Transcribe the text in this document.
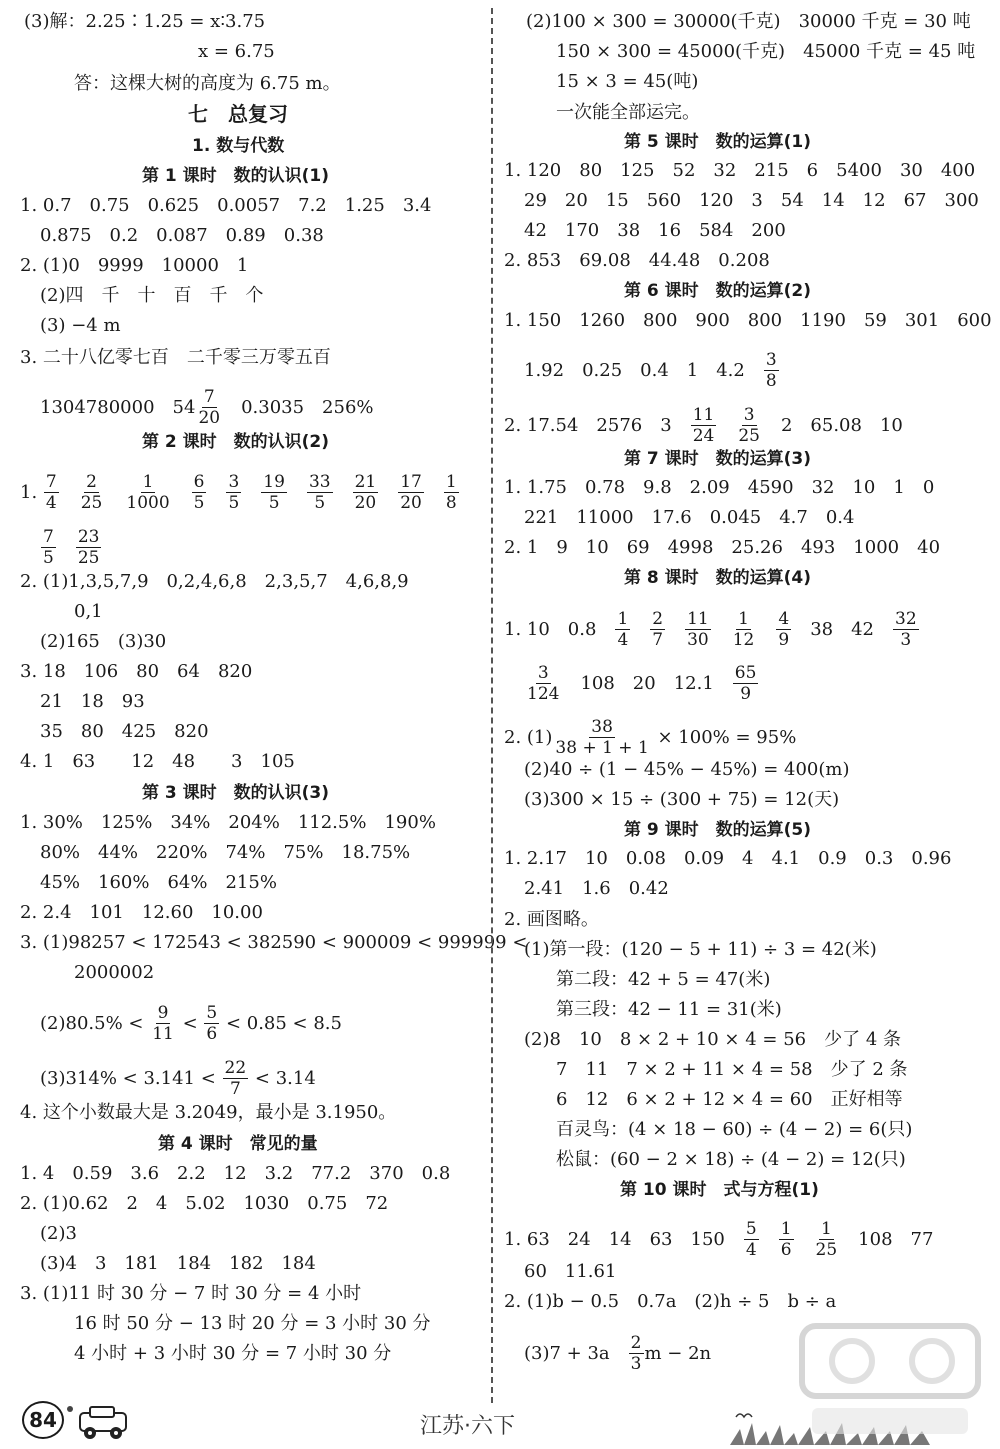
(3)解：2.25∶1.25 = x∶3.75
x = 6.75
答：这棵大树的高度为 6.75 m。
七　总复习
1. 数与代数
第 1 课时　数的认识(1)
1. 0.7　0.75　0.625　0.0057　7.2　1.25　3.4
0.875　0.2　0.087　0.89　0.38
2. (1)0　9999　10000　1
(2)四　千　十　百　千　个
(3) −4 m
3. 二十八亿零七百　二千零三万零五百
1304780000　$54 \frac{7}{20}$ 　0.3035　256%
第 2 课时　数的认识(2)
1. $\frac{7}{4}$
　 $\frac{2}{25}$
　 $\frac{1}{1000}$
　 $\frac{6}{5}$
　 $\frac{3}{5}$
　 $\frac{19}{5}$
　 $\frac{33}{5}$
　 $\frac{21}{20}$
　 $\frac{17}{20}$
　 $\frac{1}{8}$
$\frac{7}{5}$
　 $\frac{23}{25}$
2. (1)1,3,5,7,9　0,2,4,6,8　2,3,5,7　4,6,8,9
0,1
(2)165　(3)30
3. 18　106　80　64　820
21　18　93
35　80　425　820
4. 1　63　　12　48　　3　105
第 3 课时　数的认识(3)
1. 30%　125%　34%　204%　112.5%　190%
80%　44%　220%　74%　75%　18.75%
45%　160%　64%　215%
2. 2.4　101　12.60　10.00
3. (1)98257 < 172543 < 382590 < 900009 < 999999 <
2000002
$(2)80.5\% < \frac{9}{11} < \frac{5}{6} < 0.85 < 8.5$
$(3)314\% < 3.141 < \frac{22}{7}$ < 3.14̇
4. 这个小数最大是 3.2049，最小是 3.1950。
第 4 课时　常见的量
1. 4　0.59　3.6　2.2　12　3.2　77.2　370　0.8
2. (1)0.62　2　4　5.02　1030　0.75　72
(2)3
(3)4　3　181　184　182　184
3. (1)11 时 30 分 − 7 时 30 分 = 4 小时
16 时 50 分 − 13 时 20 分 = 3 小时 30 分
4 小时 + 3 小时 30 分 = 7 小时 30 分
(2)100 × 300 = 30000(千克)　30000 千克 = 30 吨
150 × 300 = 45000(千克)　45000 千克 = 45 吨
15 × 3 = 45(吨)
一次能全部运完。
第 5 课时　数的运算(1)
1. 120　80　125　52　32　215　6　5400　30　400
29　20　15　560　120　3　54　14　12　67　300
42　170　38　16　584　200
2. 853　69.08　44.48　0.208
第 6 课时　数的运算(2)
1. 150　1260　800　900　800　1190　59　301　600
1.92　0.25　0.4　1　4.2　 $\frac{3}{8}$
2. 17.54　2576　3　 $\frac{11}{24}$
　 $\frac{3}{25}$ 　2　65.08　10
第 7 课时　数的运算(3)
1. 1.75　0.78　9.8　2.09　4590　32　10　1　0
221　11000　17.6　0.045　4.7　0.4
2. 1　9　10　69　4998　25.26　493　1000　40
第 8 课时　数的运算(4)
1. 10　0.8　 $\frac{1}{4}$
　 $\frac{2}{7}$
　 $\frac{11}{30}$
　 $\frac{1}{12}$
　 $\frac{4}{9}$ 　38　42　 $\frac{32}{3}$
$\frac{3}{124}$ 　108　20　12.1　 $\frac{65}{9}$
2. $(1) \frac{38}{38 + 1 + 1} \times 100\% = 95\%$
(2)40 ÷ (1 − 45% − 45%) = 400(m)
(3)300 × 15 ÷ (300 + 75) = 12(天)
第 9 课时　数的运算(5)
1. 2.17　10　0.08　0.09　4　4.1　0.9　0.3　0.96
2.41　1.6　0.42
2. 画图略。
(1)第一段：(120 − 5 + 11) ÷ 3 = 42(米)
第二段：42 + 5 = 47(米)
第三段：42 − 11 = 31(米)
(2)8　10　8 × 2 + 10 × 4 = 56　少了 4 条
7　11　7 × 2 + 11 × 4 = 58　少了 2 条
6　12　6 × 2 + 12 × 4 = 60　正好相等
百灵鸟：(4 × 18 − 60) ÷ (4 − 2) = 6(只)
松鼠：(60 − 2 × 18) ÷ (4 − 2) = 12(只)
第 10 课时　式与方程(1)
1. 63　24　14　63　150　 $\frac{5}{4}$
　 $\frac{1}{6}$
　 $\frac{1}{25}$ 　108　77
60　11.61
2. (1)b − 0.5　0.7a　(2)h ÷ 5　b ÷ a
(3)7 + 3a　 $\frac{2}{3}$ m − 2n
84	江苏·六下
